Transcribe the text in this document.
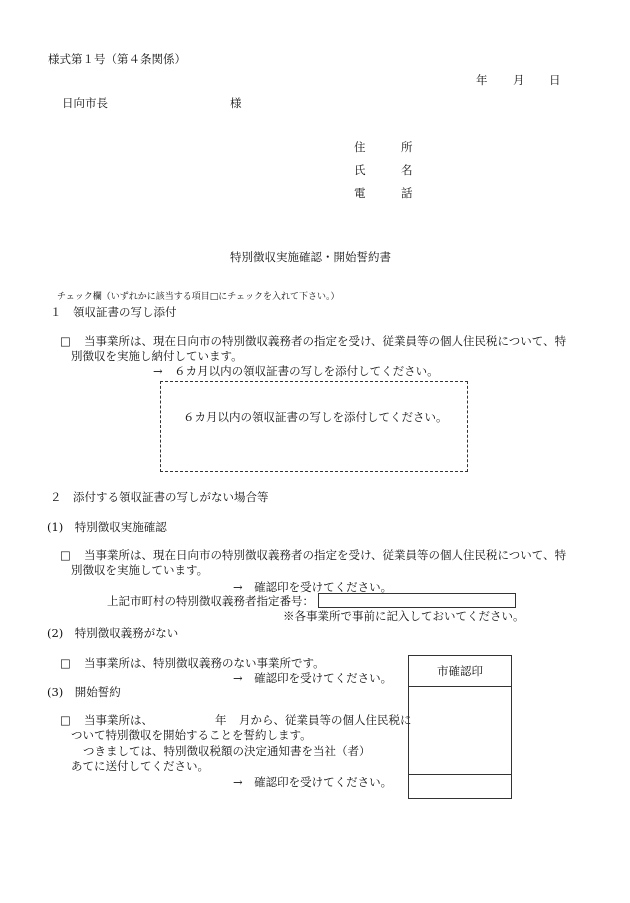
様式第１号（第４条関係）
年 月 日
日向市長	様
住	所
氏	名
電	話
特別徴収実施確認・開始誓約書
チェック欄（いずれかに該当する項目□にチェックを入れて下さい。）
１　領収証書の写し添付
□ 当事業所は、現在日向市の特別徴収義務者の指定を受け、従業員等の個人住民税について、特
別徴収を実施し納付しています。
→　６カ月以内の領収証書の写しを添付してください。
６カ月以内の領収証書の写しを添付してください。
２　添付する領収証書の写しがない場合等
(1)　特別徴収実施確認
□ 当事業所は、現在日向市の特別徴収義務者の指定を受け、従業員等の個人住民税について、特
別徴収を実施しています。
→　確認印を受けてください。
上記市町村の特別徴収義務者指定番号：
※各事業所で事前に記入しておいてください。
(2)　特別徴収義務がない
□ 当事業所は、特別徴収義務のない事業所です。
→　確認印を受けてください。
(3)　開始誓約
□ 当事業所は、	年 月から、従業員等の個人住民税に
ついて特別徴収を開始することを誓約します。
つきましては、特別徴収税額の決定通知書を当社（者）
あてに送付してください。
→　確認印を受けてください。
市確認印
